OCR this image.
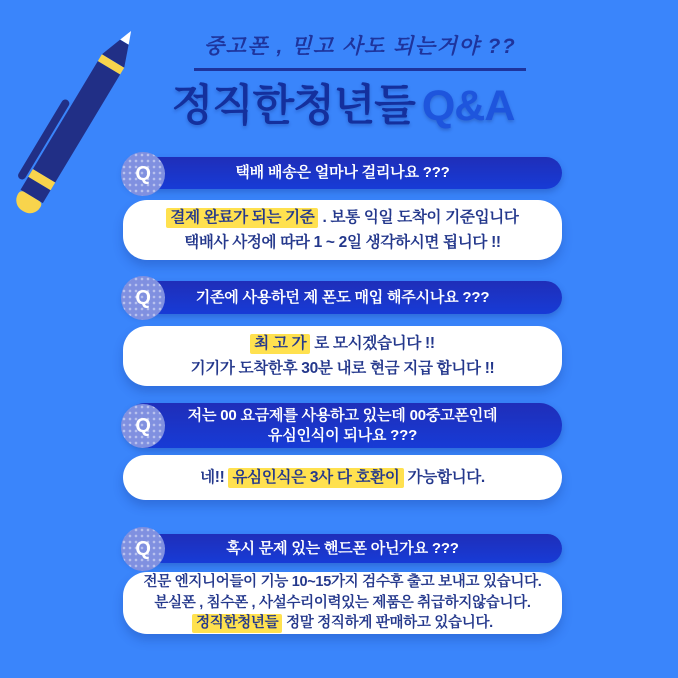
중고폰 , 믿고 사도 되는거야 ??
정직한청년들 Q&A
Q	택배 배송은 얼마나 걸리나요 ???
결제 완료가 되는 기준 . 보통 익일 도착이 기준입니다
택배사 사정에 따라 1 ~ 2일 생각하시면 됩니다 !!
Q	기존에 사용하던 제 폰도 매입 해주시나요 ???
최 고 가 로 모시겠습니다 !!
기기가 도착한후 30분 내로 현금 지급 합니다 !!
Q	저는 00 요금제를 사용하고 있는데 00중고폰인데
유심인식이 되나요 ???
네!! 유심인식은 3사 다 호환이 가능합니다.
Q	혹시 문제 있는 핸드폰 아닌가요 ???
전문 엔지니어들이 기능 10~15가지 검수후 출고 보내고 있습니다.
분실폰 , 침수폰 , 사설수리이력있는 제품은 취급하지않습니다.
정직한청년들 정말 정직하게 판매하고 있습니다.
